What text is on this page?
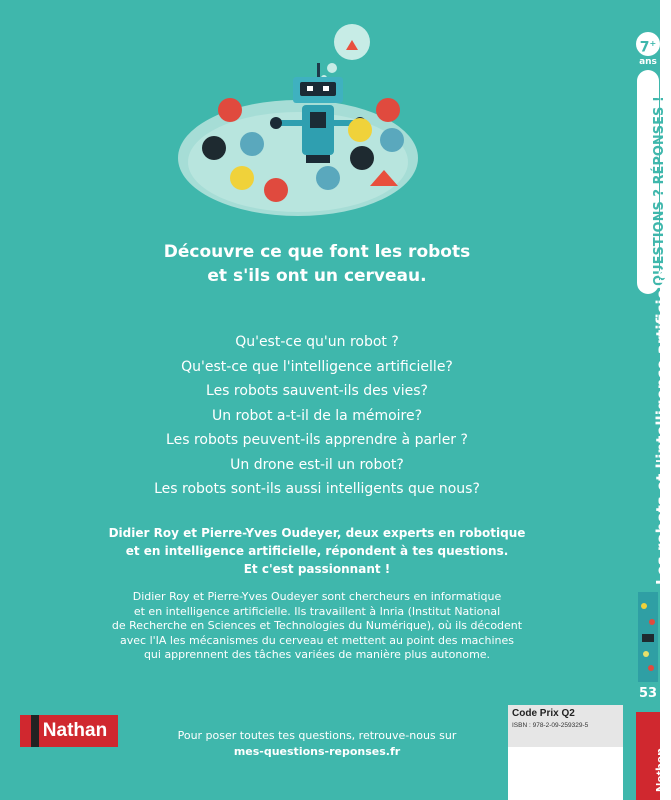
Découvre ce que font les robots
et s'ils ont un cerveau.
Qu'est-ce qu'un robot ?
Qu'est-ce que l'intelligence artificielle?
Les robots sauvent-ils des vies?
Un robot a-t-il de la mémoire?
Les robots peuvent-ils apprendre à parler ?
Un drone est-il un robot?
Les robots sont-ils aussi intelligents que nous?
Didier Roy et Pierre-Yves Oudeyer, deux experts en robotique
et en intelligence artificielle, répondent à tes questions.
Et c'est passionnant !
Didier Roy et Pierre-Yves Oudeyer sont chercheurs en informatique
et en intelligence artificielle. Ils travaillent à Inria (Institut National
de Recherche en Sciences et Technologies du Numérique), où ils décodent
avec l'IA les mécanismes du cerveau et mettent au point des machines
qui apprennent des tâches variées de manière plus autonome.
Nathan	Pour poser toutes tes questions, retrouve-nous sur
mes-questions-reponses.fr
Code Prix Q2
ISBN : 978-2-09-259329-5
7+
ans
QUESTIONS ? RÉPONSES !
Les robots et l'intelligence artificielle
53
Nathan
